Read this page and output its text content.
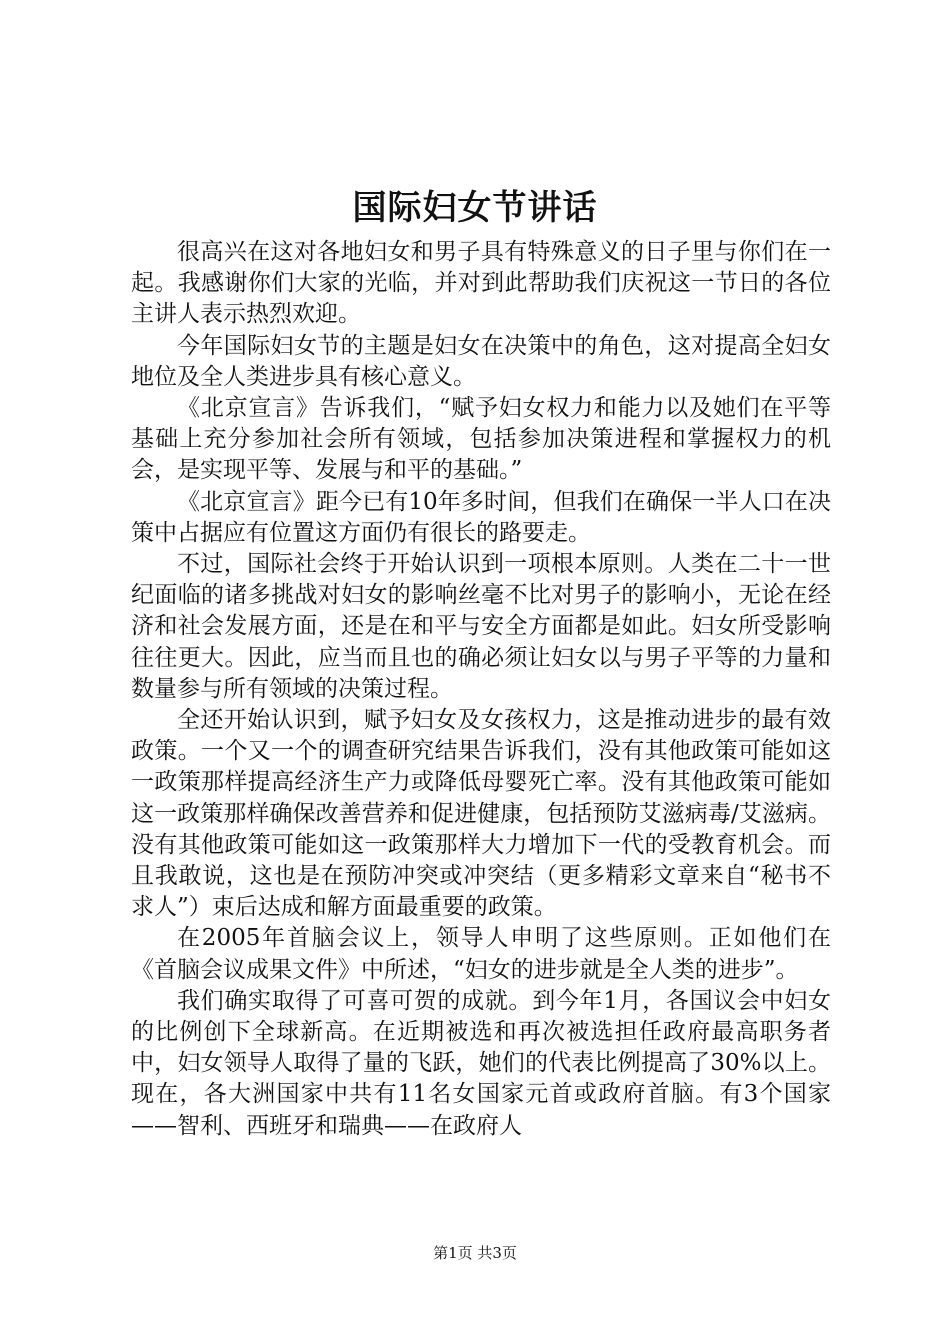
国际妇女节讲话

很高兴在这对各地妇女和男子具有特殊意义的日子里与你们在一起。我感谢你们大家的光临，并对到此帮助我们庆祝这一节日的各位主讲人表示热烈欢迎。

今年国际妇女节的主题是妇女在决策中的角色，这对提高全妇女地位及全人类进步具有核心意义。

《北京宣言》告诉我们，“赋予妇女权力和能力以及她们在平等基础上充分参加社会所有领域，包括参加决策进程和掌握权力的机会，是实现平等、发展与和平的基础。”

《北京宣言》距今已有10年多时间，但我们在确保一半人口在决策中占据应有位置这方面仍有很长的路要走。

不过，国际社会终于开始认识到一项根本原则。人类在二十一世纪面临的诸多挑战对妇女的影响丝毫不比对男子的影响小，无论在经济和社会发展方面，还是在和平与安全方面都是如此。妇女所受影响往往更大。因此，应当而且也的确必须让妇女以与男子平等的力量和数量参与所有领域的决策过程。

全还开始认识到，赋予妇女及女孩权力，这是推动进步的最有效政策。一个又一个的调查研究结果告诉我们，没有其他政策可能如这一政策那样提高经济生产力或降低母婴死亡率。没有其他政策可能如这一政策那样确保改善营养和促进健康，包括预防艾滋病毒/艾滋病。没有其他政策可能如这一政策那样大力增加下一代的受教育机会。而且我敢说，这也是在预防冲突或冲突结（更多精彩文章来自“秘书不求人”）束后达成和解方面最重要的政策。

在2005年首脑会议上，领导人申明了这些原则。正如他们在《首脑会议成果文件》中所述，“妇女的进步就是全人类的进步”。

我们确实取得了可喜可贺的成就。到今年1月，各国议会中妇女的比例创下全球新高。在近期被选和再次被选担任政府最高职务者中，妇女领导人取得了量的飞跃，她们的代表比例提高了30%以上。现在，各大洲国家中共有11名女国家元首或政府首脑。有3个国家——智利、西班牙和瑞典——在政府人

第1页 共3页
